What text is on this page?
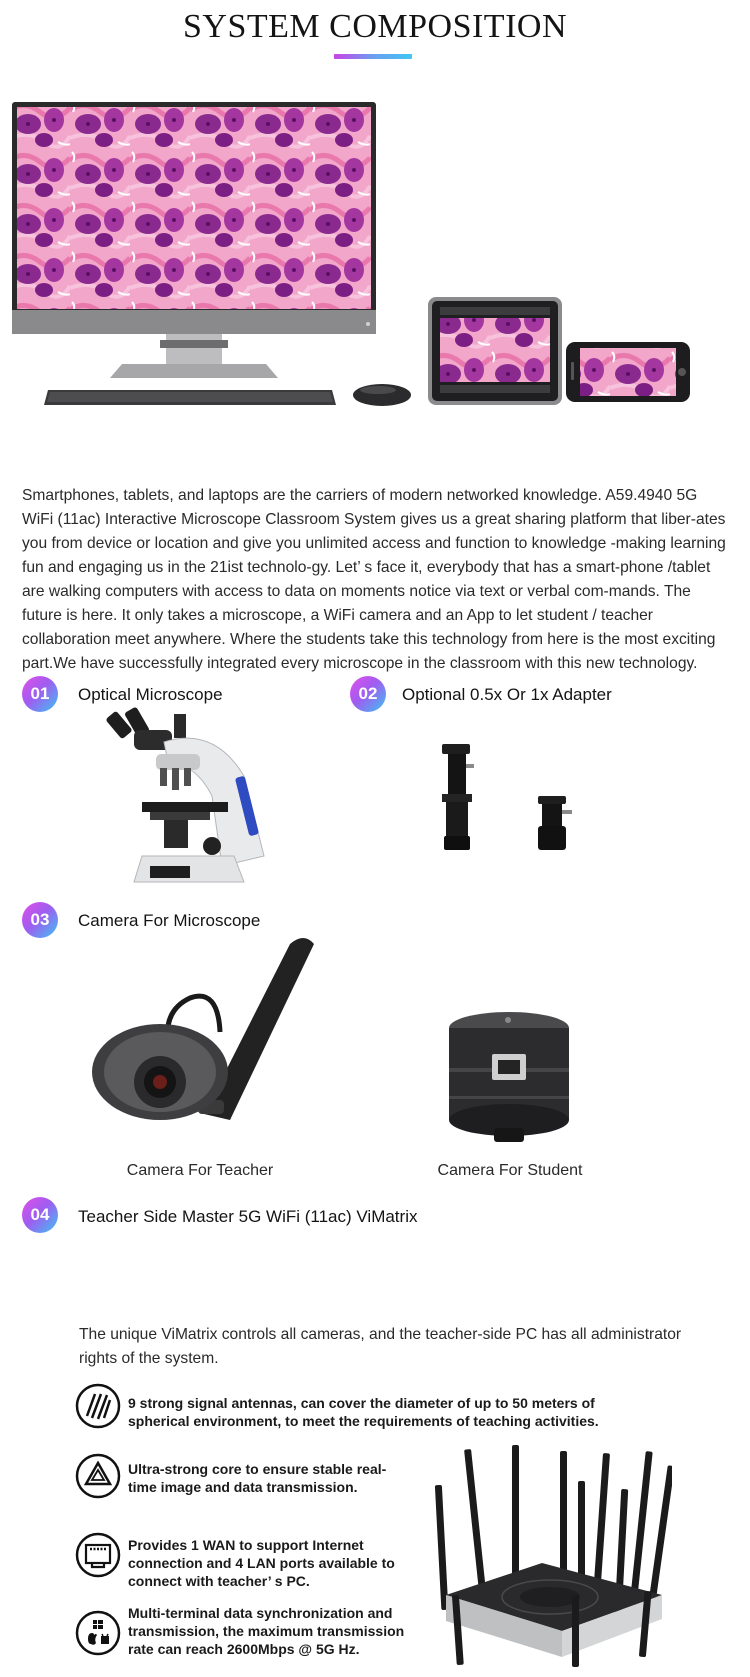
SYSTEM COMPOSITION

Smartphones, tablets, and laptops are the carriers of modern networked knowledge. A59.4940 5G WiFi (11ac) Interactive Microscope Classroom System gives us a great sharing platform that liber-ates you from device or location and give you unlimited access and function to knowledge -making learning fun and engaging us in the 21ist technolo-gy. Let’ s face it, everybody that has a smart-phone /tablet are walking computers with access to data on moments notice via text or verbal com-mands. The future is here. It only takes a microscope, a WiFi camera and an App to let student / teacher collaboration meet anywhere. Where the students take this technology from here is the most exciting part.We have successfully integrated every microscope in the classroom with this new technology.

01	Optical Microscope	02	Optional 0.5x Or 1x Adapter
03	Camera For Microscope
Camera For Teacher	Camera For Student
04	Teacher Side Master 5G WiFi (11ac) ViMatrix

The unique ViMatrix controls all cameras, and the teacher-side PC has all administrator rights of the system.

9 strong signal antennas, can cover the diameter of up to 50 meters of spherical environment, to meet the requirements of teaching activities.
Ultra-strong core to ensure stable real-time image and data transmission.
Provides 1 WAN to support Internet connection and 4 LAN ports available to connect with teacher’ s PC.
Multi-terminal data synchronization and transmission, the maximum transmission rate can reach 2600Mbps @ 5G Hz.
